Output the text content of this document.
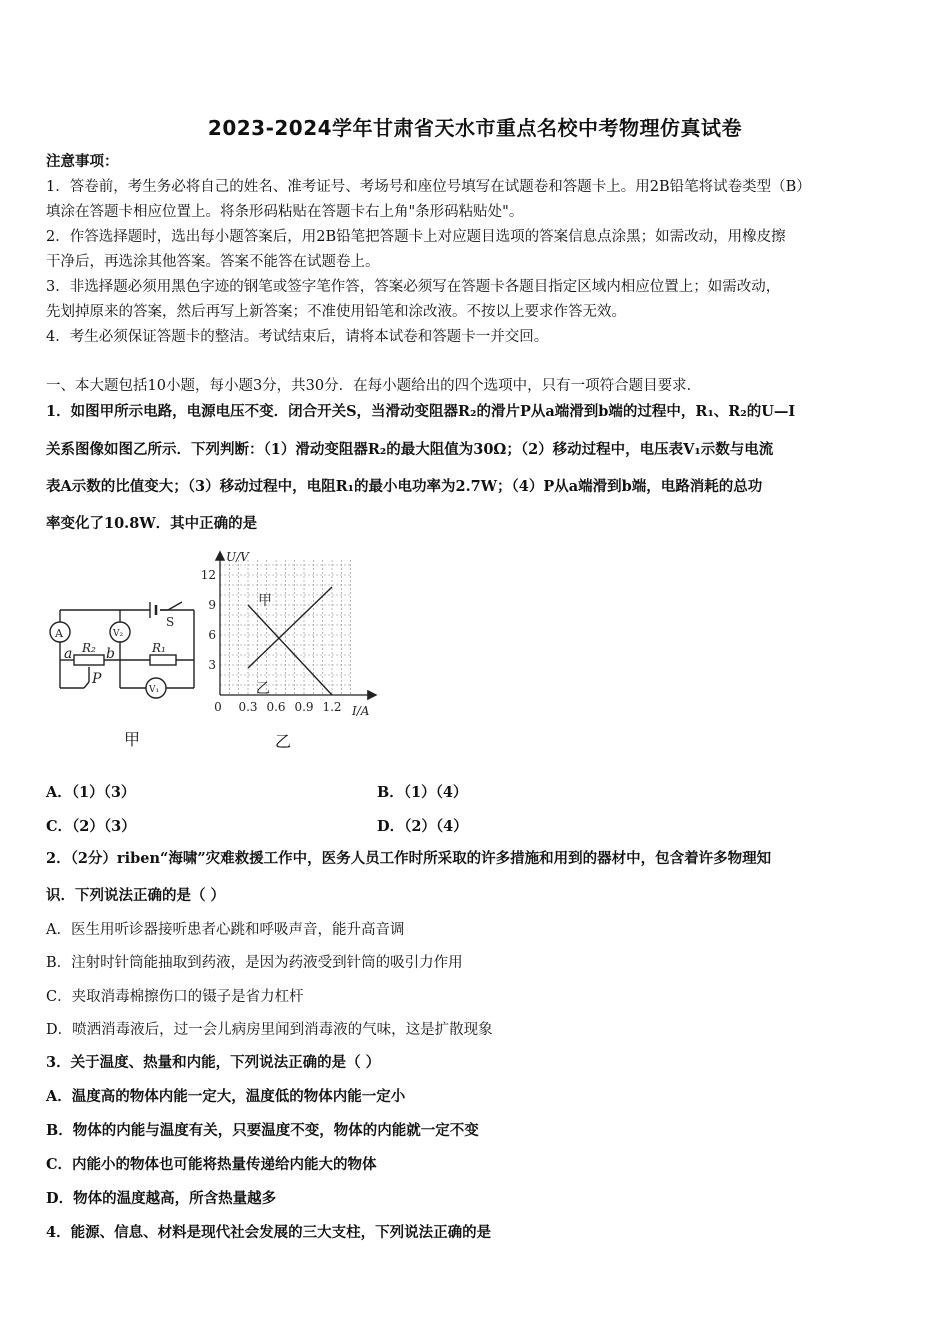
2023-2024学年甘肃省天水市重点名校中考物理仿真试卷
注意事项：
1．答卷前，考生务必将自己的姓名、准考证号、考场号和座位号填写在试题卷和答题卡上。用2B铅笔将试卷类型（B）
填涂在答题卡相应位置上。将条形码粘贴在答题卡右上角"条形码粘贴处"。
2．作答选择题时，选出每小题答案后，用2B铅笔把答题卡上对应题目选项的答案信息点涂黑；如需改动，用橡皮擦
干净后，再选涂其他答案。答案不能答在试题卷上。
3．非选择题必须用黑色字迹的钢笔或签字笔作答，答案必须写在答题卡各题目指定区域内相应位置上；如需改动，
先划掉原来的答案，然后再写上新答案；不准使用铅笔和涂改液。不按以上要求作答无效。
4．考生必须保证答题卡的整洁。考试结束后，请将本试卷和答题卡一并交回。
一、本大题包括10小题，每小题3分，共30分．在每小题给出的四个选项中，只有一项符合题目要求．
1．如图甲所示电路，电源电压不变．闭合开关S，当滑动变阻器R₂的滑片P从a端滑到b端的过程中，R₁、R₂的U—I
关系图像如图乙所示．下列判断：（1）滑动变阻器R₂的最大阻值为30Ω；（2）移动过程中，电压表V₁示数与电流
表A示数的比值变大；（3）移动过程中，电阻R₁的最小电功率为2.7W；（4）P从a端滑到b端，电路消耗的总功
率变化了10.8W．其中正确的是
A	V₂
V₁
a b
R₂	R₁
S
P
U/V
I/A
12
9
6
3
0 0.3 0.6 0.9 1.2
甲
乙
甲	乙
A．（1）（3）	B．（1）（4）
C．（2）（3）	D．（2）（4）
2．（2分）riben“海啸”灾难救援工作中，医务人员工作时所采取的许多措施和用到的器材中，包含着许多物理知
识．下列说法正确的是（ ）
A．医生用听诊器接听患者心跳和呼吸声音，能升高音调
B．注射时针筒能抽取到药液，是因为药液受到针筒的吸引力作用
C．夹取消毒棉擦伤口的镊子是省力杠杆
D．喷洒消毒液后，过一会儿病房里闻到消毒液的气味，这是扩散现象
3．关于温度、热量和内能，下列说法正确的是（ ）
A．温度高的物体内能一定大，温度低的物体内能一定小
B．物体的内能与温度有关，只要温度不变，物体的内能就一定不变
C．内能小的物体也可能将热量传递给内能大的物体
D．物体的温度越高，所含热量越多
4．能源、信息、材料是现代社会发展的三大支柱，下列说法正确的是
